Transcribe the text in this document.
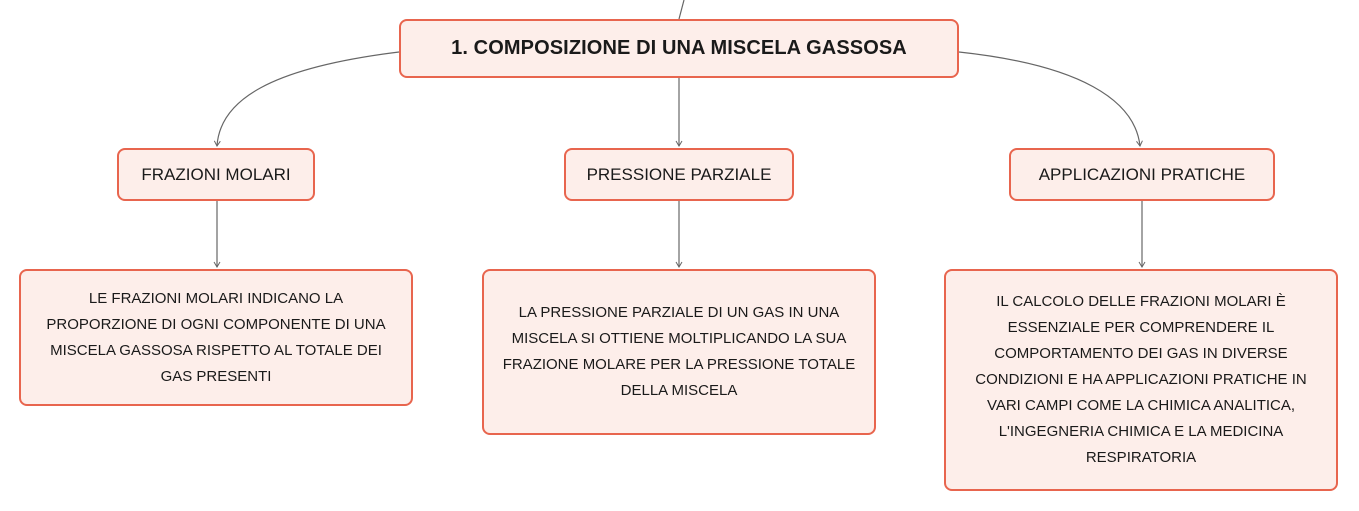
1. COMPOSIZIONE DI UNA MISCELA GASSOSA
FRAZIONI MOLARI	PRESSIONE PARZIALE	APPLICAZIONI PRATICHE
LE FRAZIONI MOLARI INDICANO LA PROPORZIONE DI OGNI COMPONENTE DI UNA MISCELA GASSOSA RISPETTO AL TOTALE DEI GAS PRESENTI
LA PRESSIONE PARZIALE DI UN GAS IN UNA MISCELA SI OTTIENE MOLTIPLICANDO LA SUA FRAZIONE MOLARE PER LA PRESSIONE TOTALE DELLA MISCELA
IL CALCOLO DELLE FRAZIONI MOLARI È ESSENZIALE PER COMPRENDERE IL COMPORTAMENTO DEI GAS IN DIVERSE CONDIZIONI E HA APPLICAZIONI PRATICHE IN VARI CAMPI COME LA CHIMICA ANALITICA, L'INGEGNERIA CHIMICA E LA MEDICINA RESPIRATORIA
